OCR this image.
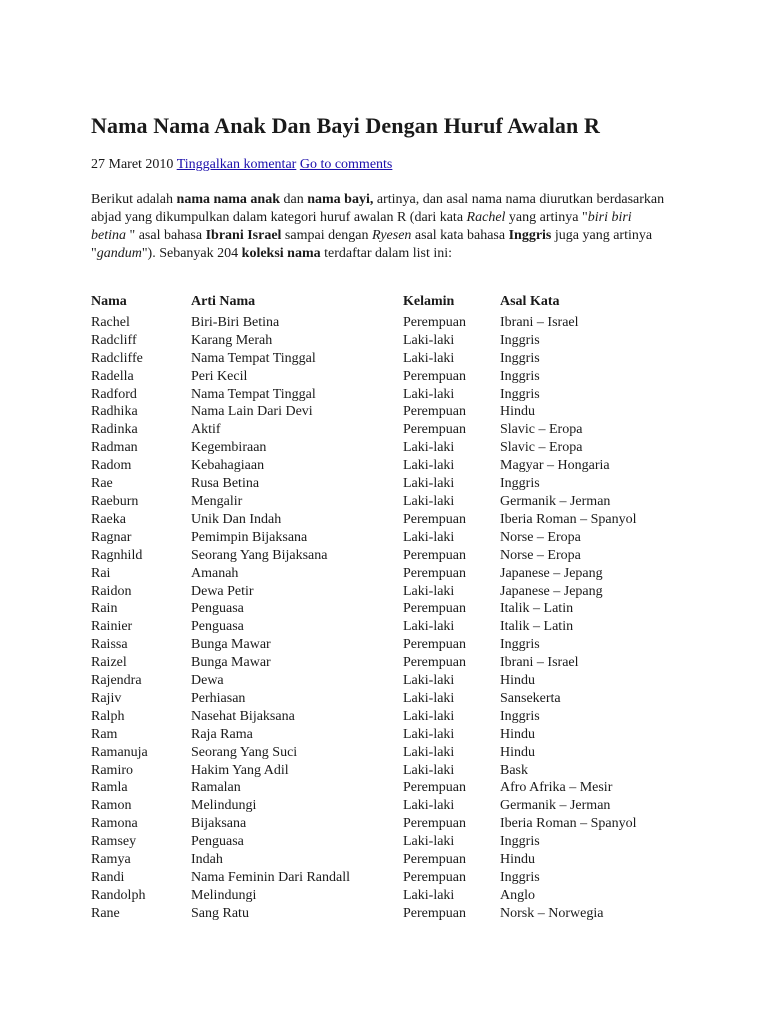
Nama Nama Anak Dan Bayi Dengan Huruf Awalan R
27 Maret 2010 Tinggalkan komentar Go to comments

Berikut adalah nama nama anak dan nama bayi, artinya, dan asal nama nama diurutkan berdasarkan abjad yang dikumpulkan dalam kategori huruf awalan R (dari kata Rachel yang artinya "biri biri betina " asal bahasa Ibrani Israel sampai dengan Ryesen asal kata bahasa Inggris juga yang artinya "gandum"). Sebanyak 204 koleksi nama terdaftar dalam list ini:

Nama	Arti Nama	Kelamin	Asal Kata
Rachel	Biri-Biri Betina	Perempuan	Ibrani – Israel
Radcliff	Karang Merah	Laki-laki	Inggris
Radcliffe	Nama Tempat Tinggal	Laki-laki	Inggris
Radella	Peri Kecil	Perempuan	Inggris
Radford	Nama Tempat Tinggal	Laki-laki	Inggris
Radhika	Nama Lain Dari Devi	Perempuan	Hindu
Radinka	Aktif	Perempuan	Slavic – Eropa
Radman	Kegembiraan	Laki-laki	Slavic – Eropa
Radom	Kebahagiaan	Laki-laki	Magyar – Hongaria
Rae	Rusa Betina	Laki-laki	Inggris
Raeburn	Mengalir	Laki-laki	Germanik – Jerman
Raeka	Unik Dan Indah	Perempuan	Iberia Roman – Spanyol
Ragnar	Pemimpin Bijaksana	Laki-laki	Norse – Eropa
Ragnhild	Seorang Yang Bijaksana	Perempuan	Norse – Eropa
Rai	Amanah	Perempuan	Japanese – Jepang
Raidon	Dewa Petir	Laki-laki	Japanese – Jepang
Rain	Penguasa	Perempuan	Italik – Latin
Rainier	Penguasa	Laki-laki	Italik – Latin
Raissa	Bunga Mawar	Perempuan	Inggris
Raizel	Bunga Mawar	Perempuan	Ibrani – Israel
Rajendra	Dewa	Laki-laki	Hindu
Rajiv	Perhiasan	Laki-laki	Sansekerta
Ralph	Nasehat Bijaksana	Laki-laki	Inggris
Ram	Raja Rama	Laki-laki	Hindu
Ramanuja	Seorang Yang Suci	Laki-laki	Hindu
Ramiro	Hakim Yang Adil	Laki-laki	Bask
Ramla	Ramalan	Perempuan	Afro Afrika – Mesir
Ramon	Melindungi	Laki-laki	Germanik – Jerman
Ramona	Bijaksana	Perempuan	Iberia Roman – Spanyol
Ramsey	Penguasa	Laki-laki	Inggris
Ramya	Indah	Perempuan	Hindu
Randi	Nama Feminin Dari Randall	Perempuan	Inggris
Randolph	Melindungi	Laki-laki	Anglo
Rane	Sang Ratu	Perempuan	Norsk – Norwegia
